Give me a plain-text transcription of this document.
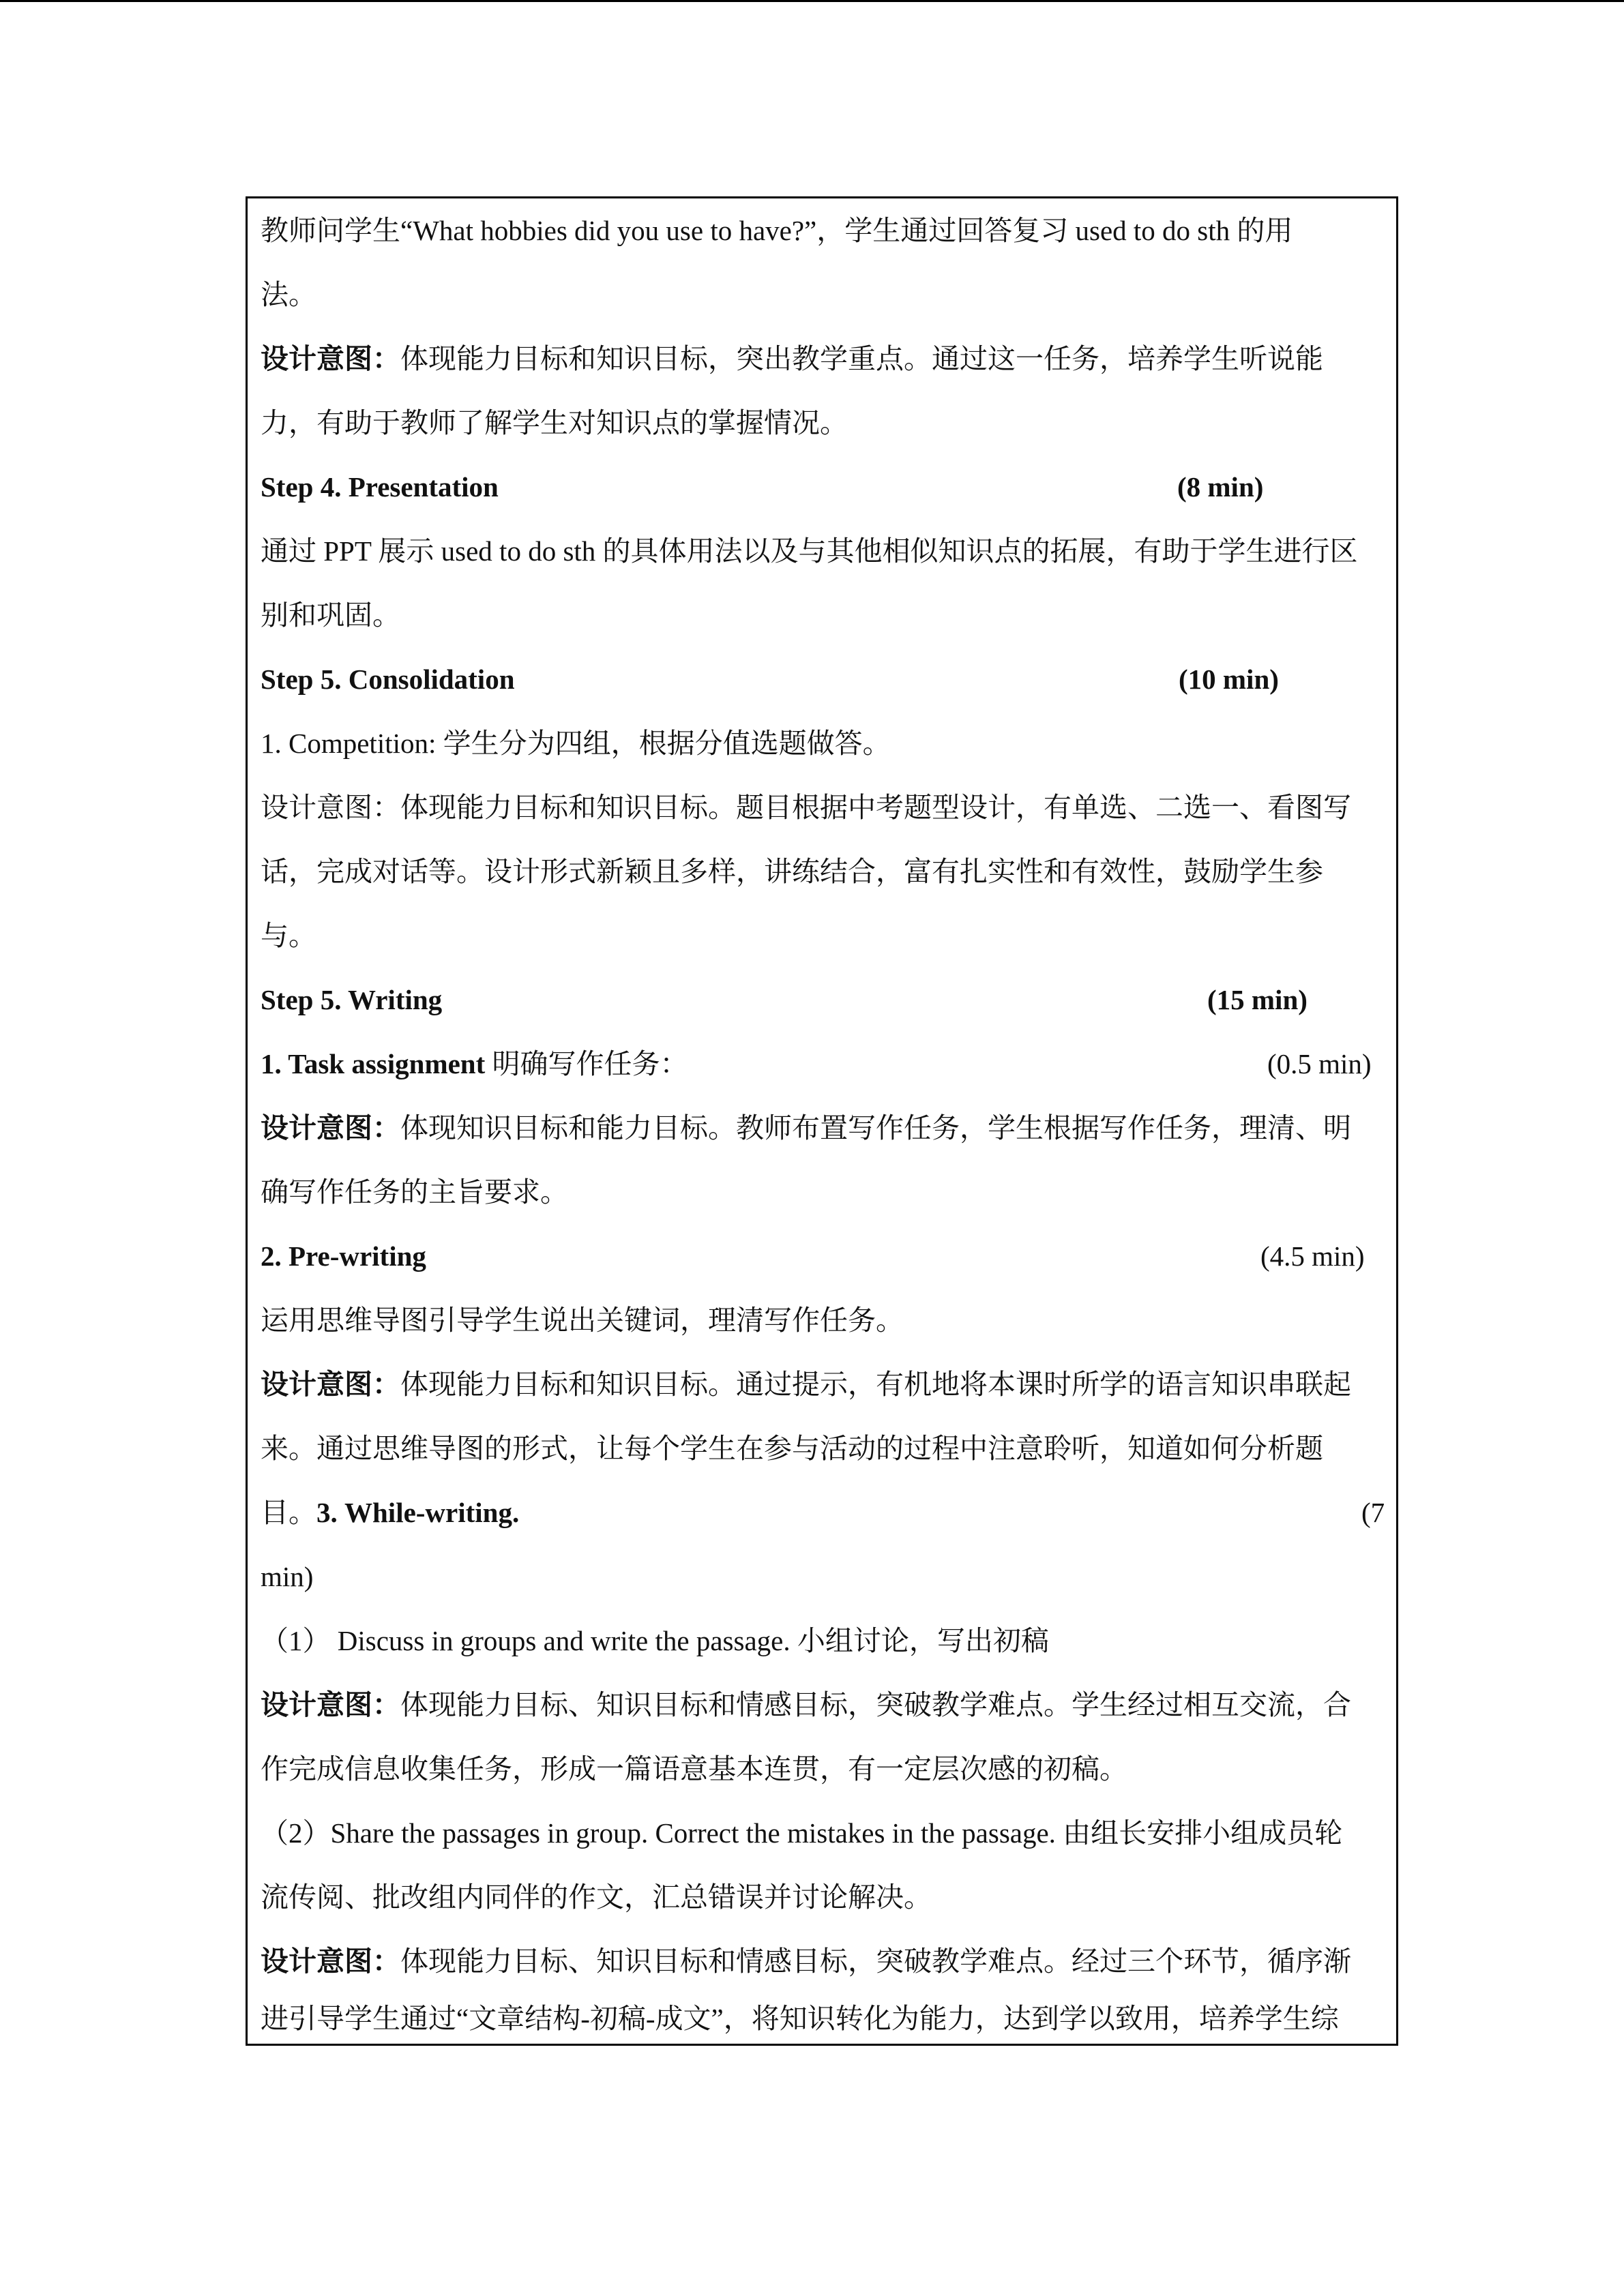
教师问学生“What hobbies did you use to have?”，学生通过回答复习 used to do sth 的用
法。
设计意图：体现能力目标和知识目标，突出教学重点。通过这一任务，培养学生听说能
力，有助于教师了解学生对知识点的掌握情况。
Step 4. Presentation	(8 min)
通过 PPT 展示 used to do sth 的具体用法以及与其他相似知识点的拓展，有助于学生进行区
别和巩固。
Step 5. Consolidation	(10 min)
1. Competition: 学生分为四组，根据分值选题做答。
设计意图：体现能力目标和知识目标。题目根据中考题型设计，有单选、二选一、看图写
话，完成对话等。设计形式新颖且多样，讲练结合，富有扎实性和有效性，鼓励学生参
与。
Step 5. Writing	(15 min)
1. Task assignment 明确写作任务：	(0.5 min)
设计意图：体现知识目标和能力目标。教师布置写作任务，学生根据写作任务，理清、明
确写作任务的主旨要求。
2. Pre-writing	(4.5 min)
运用思维导图引导学生说出关键词，理清写作任务。
设计意图：体现能力目标和知识目标。通过提示，有机地将本课时所学的语言知识串联起
来。通过思维导图的形式，让每个学生在参与活动的过程中注意聆听，知道如何分析题
目。3. While-writing.	(7
min)
（1） Discuss in groups and write the passage. 小组讨论，写出初稿
设计意图：体现能力目标、知识目标和情感目标，突破教学难点。学生经过相互交流，合
作完成信息收集任务，形成一篇语意基本连贯，有一定层次感的初稿。
（2）Share the passages in group. Correct the mistakes in the passage. 由组长安排小组成员轮
流传阅、批改组内同伴的作文，汇总错误并讨论解决。
设计意图：体现能力目标、知识目标和情感目标，突破教学难点。经过三个环节，循序渐
进引导学生通过“文章结构-初稿-成文”，将知识转化为能力，达到学以致用，培养学生综
